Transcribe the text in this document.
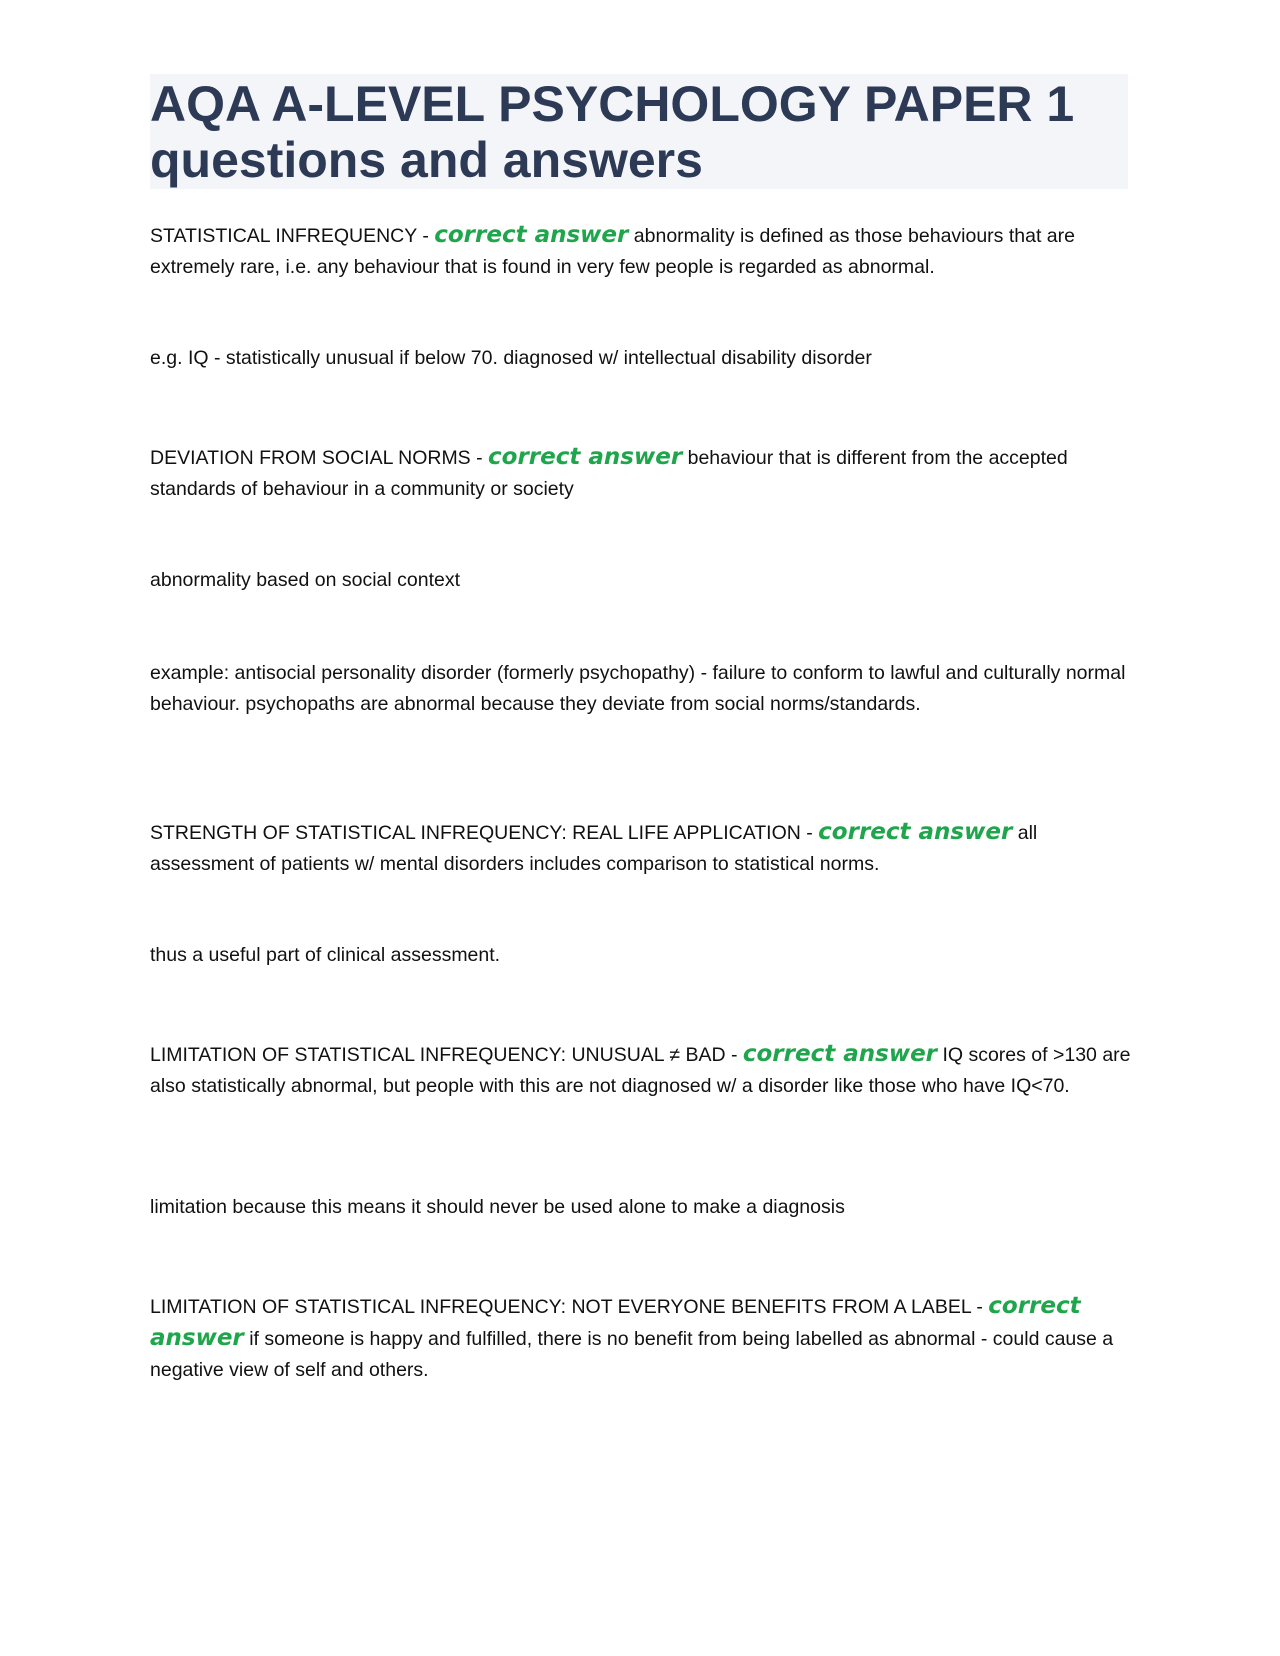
AQA A-LEVEL PSYCHOLOGY PAPER 1
questions and answers

STATISTICAL INFREQUENCY - correct answer abnormality is defined as those behaviours that are extremely rare, i.e. any behaviour that is found in very few people is regarded as abnormal.

e.g. IQ - statistically unusual if below 70. diagnosed w/ intellectual disability disorder

DEVIATION FROM SOCIAL NORMS - correct answer behaviour that is different from the accepted standards of behaviour in a community or society

abnormality based on social context

example: antisocial personality disorder (formerly psychopathy) - failure to conform to lawful and culturally normal behaviour. psychopaths are abnormal because they deviate from social norms/standards.

STRENGTH OF STATISTICAL INFREQUENCY: REAL LIFE APPLICATION - correct answer all assessment of patients w/ mental disorders includes comparison to statistical norms.

thus a useful part of clinical assessment.

LIMITATION OF STATISTICAL INFREQUENCY: UNUSUAL ≠ BAD - correct answer IQ scores of >130 are also statistically abnormal, but people with this are not diagnosed w/ a disorder like those who have IQ<70.

limitation because this means it should never be used alone to make a diagnosis

LIMITATION OF STATISTICAL INFREQUENCY: NOT EVERYONE BENEFITS FROM A LABEL - correct answer if someone is happy and fulfilled, there is no benefit from being labelled as abnormal - could cause a negative view of self and others.
